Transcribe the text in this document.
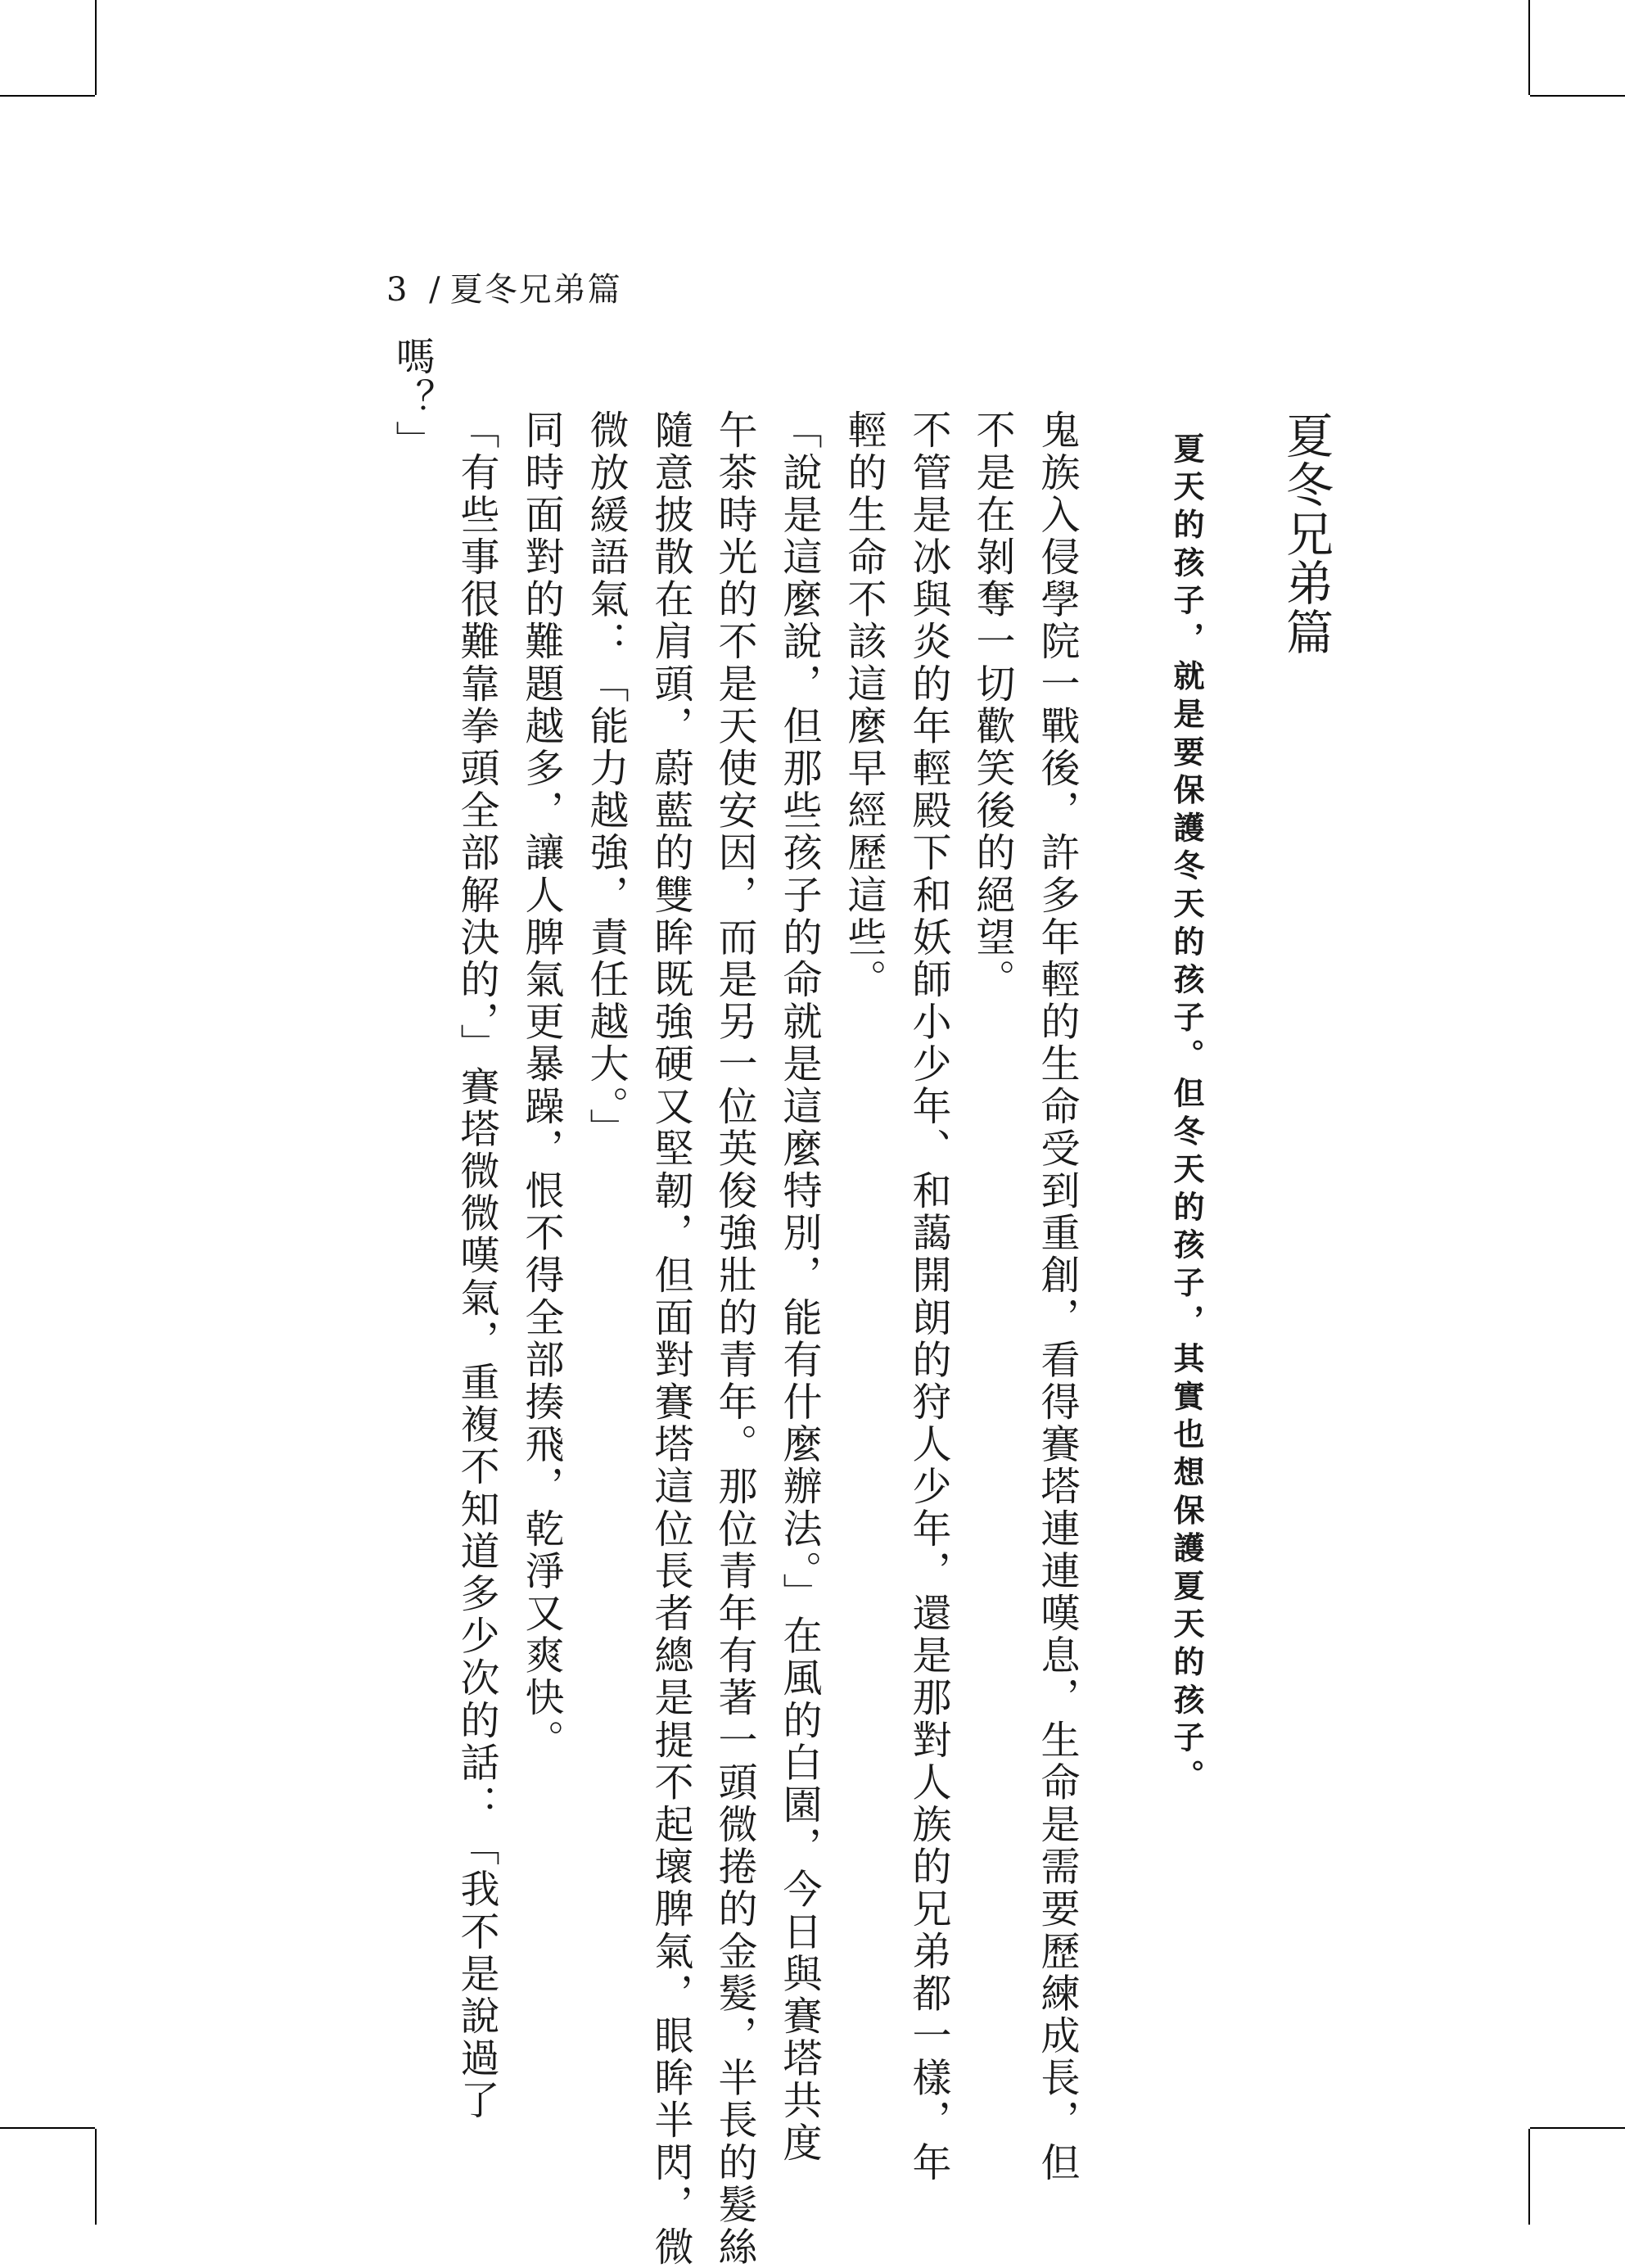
3 / 夏冬兄弟篇
夏冬兄弟篇
夏天的孩子，就是要保護冬天的孩子。但冬天的孩子，其實也想保護夏天的孩子。
鬼族入侵學院一戰後，許多年輕的生命受到重創，看得賽塔連連嘆息，生命是需要歷練成長，但
不是在剝奪一切歡笑後的絕望。
不管是冰與炎的年輕殿下和妖師小少年、和藹開朗的狩人少年，還是那對人族的兄弟都一樣，年
輕的生命不該這麼早經歷這些。
「說是這麼說，但那些孩子的命就是這麼特別，能有什麼辦法。」在風的白園，今日與賽塔共度
午茶時光的不是天使安因，而是另一位英俊強壯的青年。那位青年有著一頭微捲的金髮，半長的髮絲
隨意披散在肩頭，蔚藍的雙眸既強硬又堅韌，但面對賽塔這位長者總是提不起壞脾氣，眼眸半閃，微
微放緩語氣：「能力越強，責任越大。」
同時面對的難題越多，讓人脾氣更暴躁，恨不得全部揍飛，乾淨又爽快。
「有些事很難靠拳頭全部解決的，」賽塔微微嘆氣，重複不知道多少次的話：「我不是說過了
嗎？」
